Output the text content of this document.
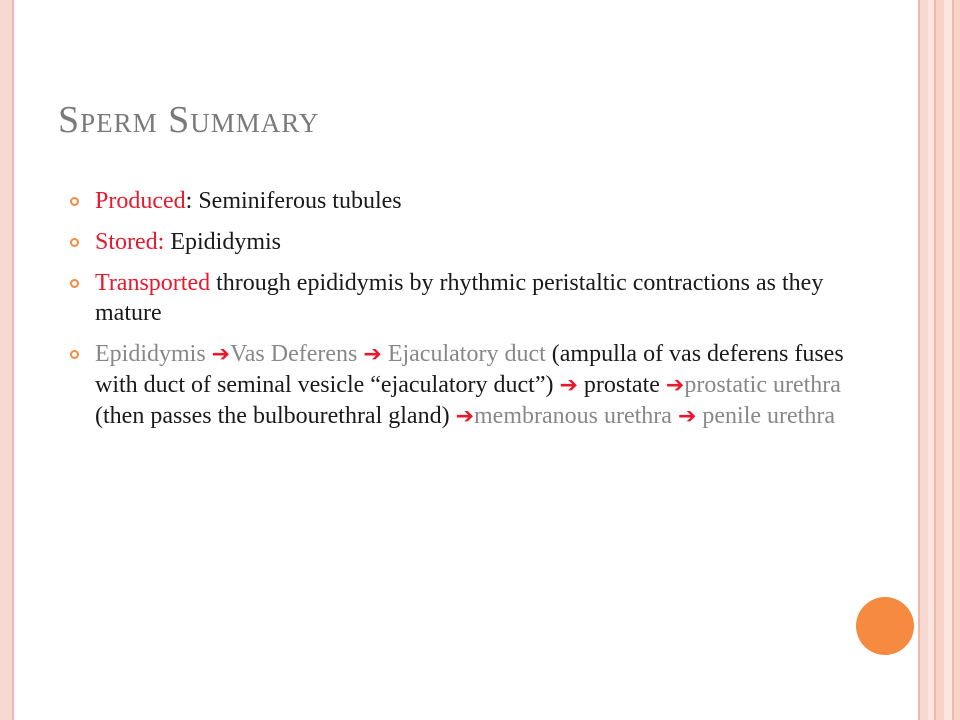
Sperm Summary
Produced: Seminiferous tubules
Stored: Epididymis
Transported through epididymis by rhythmic peristaltic contractions as they mature
Epididymis ➔Vas Deferens ➔ Ejaculatory duct (ampulla of vas deferens fuses with duct of seminal vesicle “ejaculatory duct”) ➔ prostate ➔prostatic urethra (then passes the bulbourethral gland) ➔membranous urethra ➔ penile urethra
